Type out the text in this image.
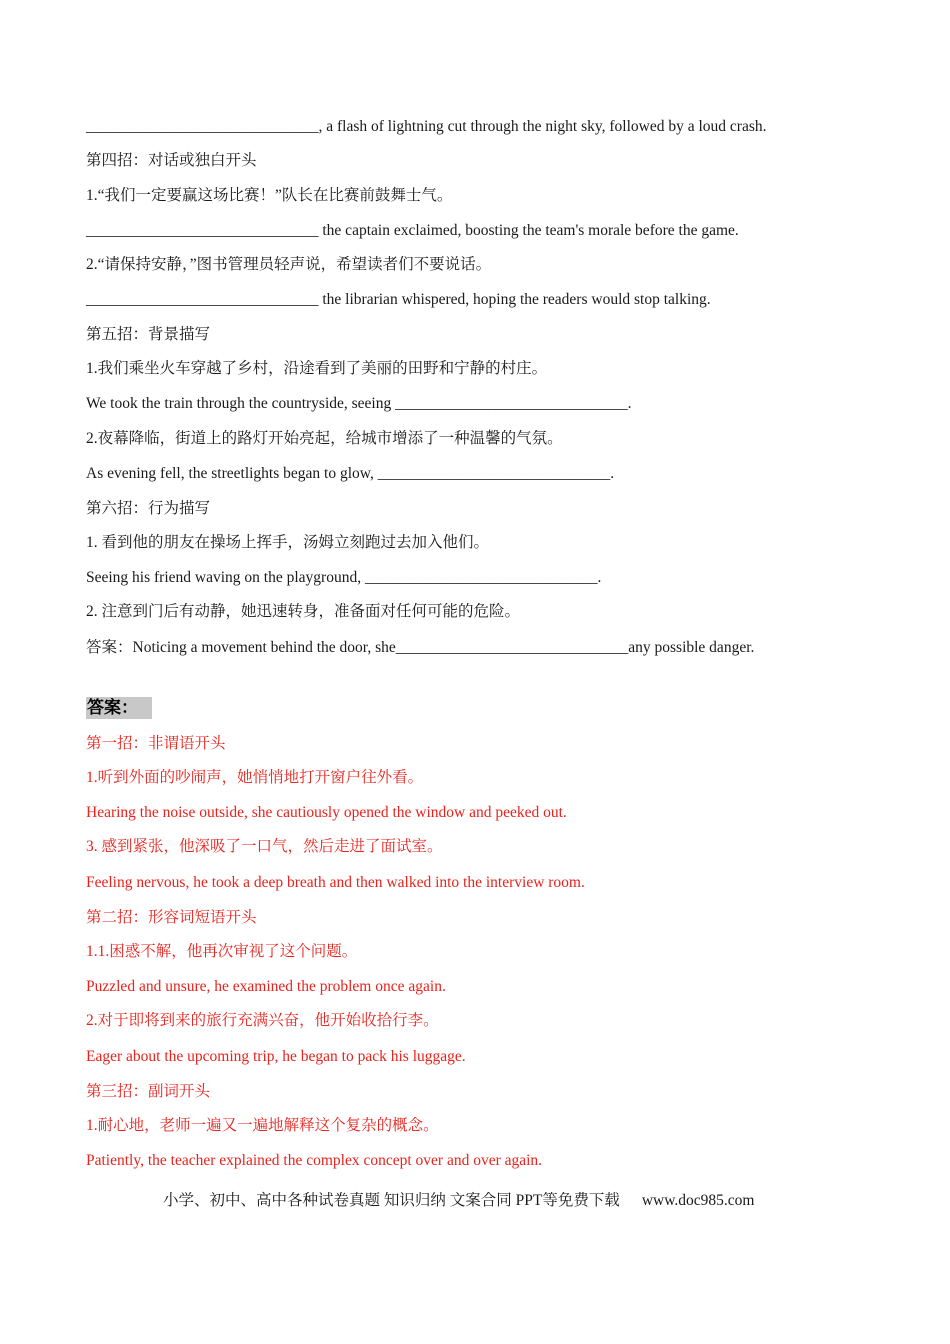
______________________________, a flash of lightning cut through the night sky, followed by a loud crash.
第四招：对话或独白开头
1.“我们一定要赢这场比赛！”队长在比赛前鼓舞士气。
______________________________ the captain exclaimed, boosting the team's morale before the game.
2.“请保持安静，”图书管理员轻声说，希望读者们不要说话。
______________________________ the librarian whispered, hoping the readers would stop talking.
第五招：背景描写
1.我们乘坐火车穿越了乡村，沿途看到了美丽的田野和宁静的村庄。
We took the train through the countryside, seeing ______________________________.
2.夜幕降临，街道上的路灯开始亮起，给城市增添了一种温馨的气氛。
As evening fell, the streetlights began to glow, ______________________________.
第六招：行为描写
1. 看到他的朋友在操场上挥手，汤姆立刻跑过去加入他们。
Seeing his friend waving on the playground, ______________________________.
2. 注意到门后有动静，她迅速转身，准备面对任何可能的危险。
答案：Noticing a movement behind the door, she______________________________any possible danger.
答案：
第一招：非谓语开头
1.听到外面的吵闹声，她悄悄地打开窗户往外看。
Hearing the noise outside, she cautiously opened the window and peeked out.
3. 感到紧张，他深吸了一口气，然后走进了面试室。
Feeling nervous, he took a deep breath and then walked into the interview room.
第二招：形容词短语开头
1.1.困惑不解，他再次审视了这个问题。
Puzzled and unsure, he examined the problem once again.
2.对于即将到来的旅行充满兴奋，他开始收拾行李。
Eager about the upcoming trip, he began to pack his luggage.
第三招：副词开头
1.耐心地，老师一遍又一遍地解释这个复杂的概念。
Patiently, the teacher explained the complex concept over and over again.
小学、初中、高中各种试卷真题 知识归纳 文案合同 PPT等免费下载 www.doc985.com
